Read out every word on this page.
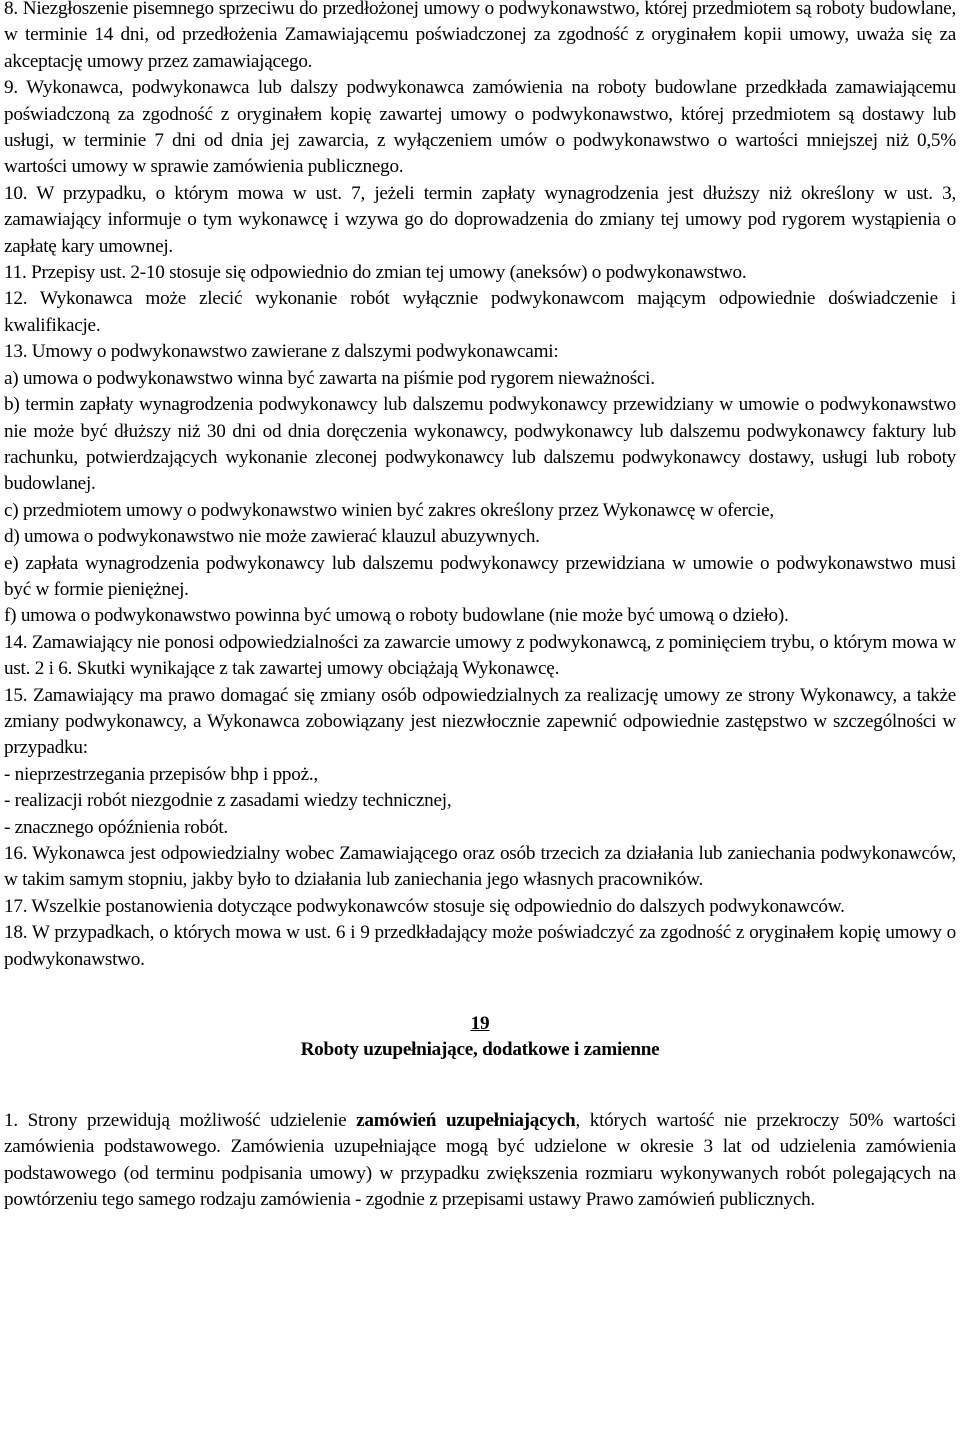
8. Niezgłoszenie pisemnego sprzeciwu do przedłożonej umowy o podwykonawstwo, której przedmiotem są roboty budowlane, w terminie 14 dni, od przedłożenia Zamawiającemu poświadczonej za zgodność z oryginałem kopii umowy, uważa się za akceptację umowy przez zamawiającego.

9. Wykonawca, podwykonawca lub dalszy podwykonawca zamówienia na roboty budowlane przedkłada zamawiającemu poświadczoną za zgodność z oryginałem kopię zawartej umowy o podwykonawstwo, której przedmiotem są dostawy lub usługi, w terminie 7 dni od dnia jej zawarcia, z wyłączeniem umów o podwykonawstwo o wartości mniejszej niż 0,5% wartości umowy w sprawie zamówienia publicznego.

10. W przypadku, o którym mowa w ust. 7, jeżeli termin zapłaty wynagrodzenia jest dłuższy niż określony w ust. 3, zamawiający informuje o tym wykonawcę i wzywa go do doprowadzenia do zmiany tej umowy pod rygorem wystąpienia o zapłatę kary umownej.

11. Przepisy ust. 2-10 stosuje się odpowiednio do zmian tej umowy (aneksów) o podwykonawstwo.

12. Wykonawca może zlecić wykonanie robót wyłącznie podwykonawcom mającym odpowiednie doświadczenie i kwalifikacje.

13. Umowy o podwykonawstwo zawierane z dalszymi podwykonawcami:

a) umowa o podwykonawstwo winna być zawarta na piśmie pod rygorem nieważności.

b) termin zapłaty wynagrodzenia podwykonawcy lub dalszemu podwykonawcy przewidziany w umowie o podwykonawstwo nie może być dłuższy niż 30 dni od dnia doręczenia wykonawcy, podwykonawcy lub dalszemu podwykonawcy faktury lub rachunku, potwierdzających wykonanie zleconej podwykonawcy lub dalszemu podwykonawcy dostawy, usługi lub roboty budowlanej.

c) przedmiotem umowy o podwykonawstwo winien być zakres określony przez Wykonawcę w ofercie,

d) umowa o podwykonawstwo nie może zawierać klauzul abuzywnych.

e) zapłata wynagrodzenia podwykonawcy lub dalszemu podwykonawcy przewidziana w umowie o podwykonawstwo musi być w formie pieniężnej.

f) umowa o podwykonawstwo powinna być umową o roboty budowlane (nie może być umową o dzieło).

14. Zamawiający nie ponosi odpowiedzialności za zawarcie umowy z podwykonawcą, z pominięciem trybu, o którym mowa w ust. 2 i 6. Skutki wynikające z tak zawartej umowy obciążają Wykonawcę.

15. Zamawiający ma prawo domagać się zmiany osób odpowiedzialnych za realizację umowy ze strony Wykonawcy, a także zmiany podwykonawcy, a Wykonawca zobowiązany jest niezwłocznie zapewnić odpowiednie zastępstwo w szczególności w przypadku:

- nieprzestrzegania przepisów bhp i ppoż.,

- realizacji robót niezgodnie z zasadami wiedzy technicznej,

- znacznego opóźnienia robót.

16. Wykonawca jest odpowiedzialny wobec Zamawiającego oraz osób trzecich za działania lub zaniechania podwykonawców, w takim samym stopniu, jakby było to działania lub zaniechania jego własnych pracowników.

17. Wszelkie postanowienia dotyczące podwykonawców stosuje się odpowiednio do dalszych podwykonawców.

18. W przypadkach, o których mowa w ust. 6 i 9 przedkładający może poświadczyć za zgodność z oryginałem kopię umowy o podwykonawstwo.

19
Roboty uzupełniające, dodatkowe i zamienne

1. Strony przewidują możliwość udzielenie zamówień uzupełniających, których wartość nie przekroczy 50% wartości zamówienia podstawowego. Zamówienia uzupełniające mogą być udzielone w okresie 3 lat od udzielenia zamówienia podstawowego (od terminu podpisania umowy) w przypadku zwiększenia rozmiaru wykonywanych robót polegających na powtórzeniu tego samego rodzaju zamówienia - zgodnie z przepisami ustawy Prawo zamówień publicznych.
